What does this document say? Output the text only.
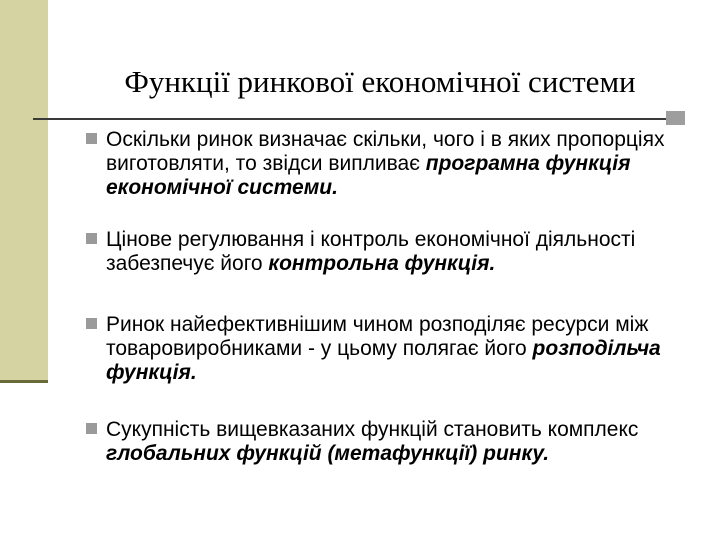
Функції ринкової економічної системи
Оскільки ринок визначає скільки, чого і в яких пропорціях виготовляти, то звідси випливає програмна функція економічної системи.
Цінове регулювання і контроль економічної діяльності забезпечує його контрольна функція.
Ринок найефективнішим чином розподіляє ресурси між товаровиробниками - у цьому полягає його розподільча функція.
Сукупність вищевказаних функцій становить комплекс глобальних функцій (метафункції) ринку.
